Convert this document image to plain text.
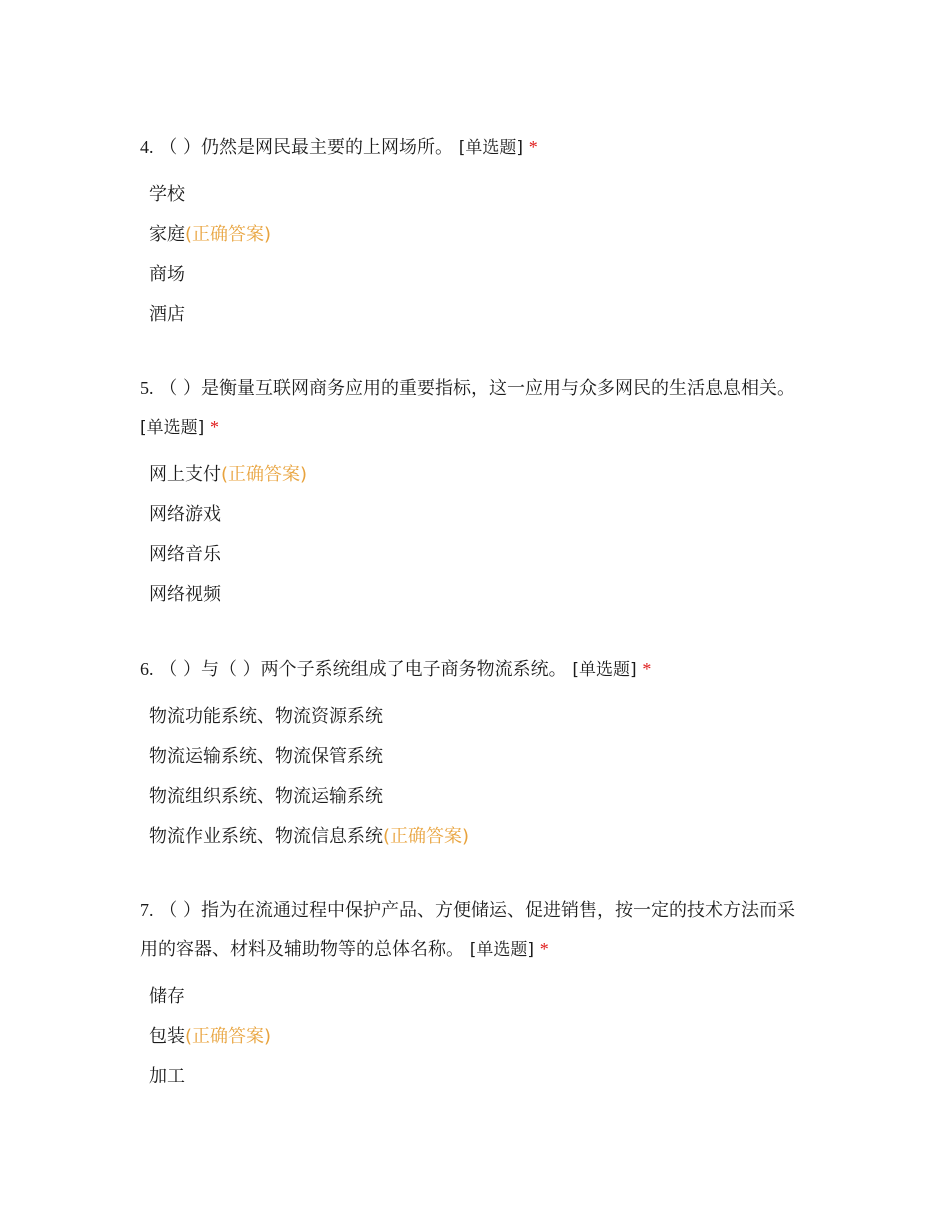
4. （ ）仍然是网民最主要的上网场所。 [单选题] *

学校
家庭(正确答案)
商场
酒店

5. （ ）是衡量互联网商务应用的重要指标，这一应用与众多网民的生活息息相关。 [单选题] *

网上支付(正确答案)
网络游戏
网络音乐
网络视频

6. （ ）与（ ）两个子系统组成了电子商务物流系统。 [单选题] *

物流功能系统、物流资源系统
物流运输系统、物流保管系统
物流组织系统、物流运输系统
物流作业系统、物流信息系统(正确答案)

7. （ ）指为在流通过程中保护产品、方便储运、促进销售，按一定的技术方法而采用的容器、材料及辅助物等的总体名称。 [单选题] *

储存
包装(正确答案)
加工
